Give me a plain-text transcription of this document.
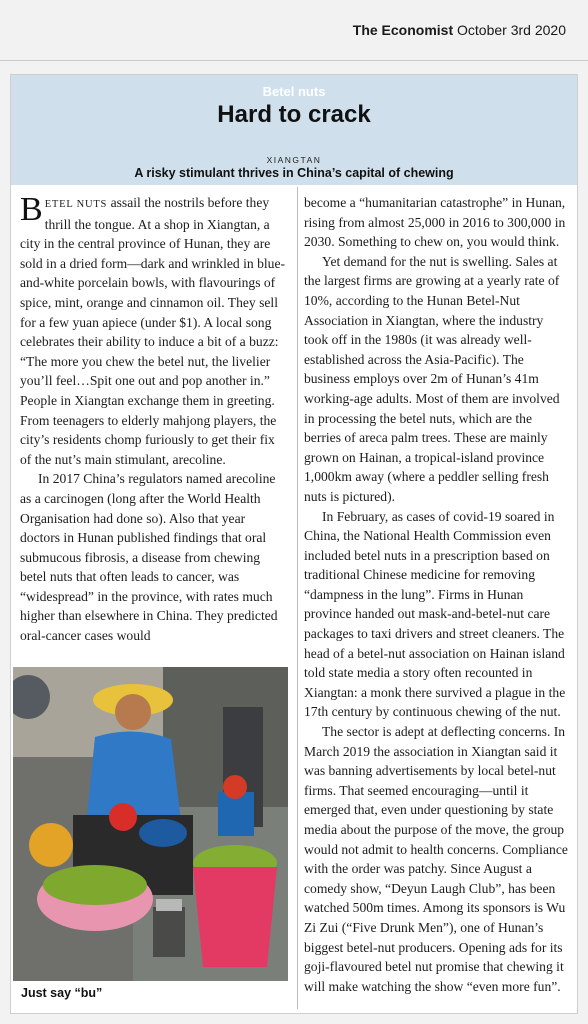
The Economist October 3rd 2020
Betel nuts
Hard to crack
XIANGTAN
A risky stimulant thrives in China’s capital of chewing

BETEL NUTS assail the nostrils before they thrill the tongue. At a shop in Xiangtan, a city in the central province of Hunan, they are sold in a dried form—dark and wrinkled in blue-and-white porcelain bowls, with flavourings of spice, mint, orange and cinnamon oil. They sell for a few yuan apiece (under $1). A local song celebrates their ability to induce a bit of a buzz: “The more you chew the betel nut, the livelier you’ll feel…Spit one out and pop another in.” People in Xiangtan exchange them in greeting. From teenagers to elderly mahjong players, the city’s residents chomp furiously to get their fix of the nut’s main stimulant, arecoline.

In 2017 China’s regulators named arecoline as a carcinogen (long after the World Health Organisation had done so). Also that year doctors in Hunan published findings that oral submucous fibrosis, a disease from chewing betel nuts that often leads to cancer, was “widespread” in the province, with rates much higher than elsewhere in China. They predicted oral-cancer cases would

Just say “bu”

become a “humanitarian catastrophe” in Hunan, rising from almost 25,000 in 2016 to 300,000 in 2030. Something to chew on, you would think.

Yet demand for the nut is swelling. Sales at the largest firms are growing at a yearly rate of 10%, according to the Hunan Betel-Nut Association in Xiangtan, where the industry took off in the 1980s (it was already well-established across the Asia-Pacific). The business employs over 2m of Hunan’s 41m working-age adults. Most of them are involved in processing the betel nuts, which are the berries of areca palm trees. These are mainly grown on Hainan, a tropical-island province 1,000km away (where a peddler selling fresh nuts is pictured).

In February, as cases of covid-19 soared in China, the National Health Commission even included betel nuts in a prescription based on traditional Chinese medicine for removing “dampness in the lung”. Firms in Hunan province handed out mask-and-betel-nut care packages to taxi drivers and street cleaners. The head of a betel-nut association on Hainan island told state media a story often recounted in Xiangtan: a monk there survived a plague in the 17th century by continuous chewing of the nut.

The sector is adept at deflecting concerns. In March 2019 the association in Xiangtan said it was banning advertisements by local betel-nut firms. That seemed encouraging—until it emerged that, even under questioning by state media about the purpose of the move, the group would not admit to health concerns. Compliance with the order was patchy. Since August a comedy show, “Deyun Laugh Club”, has been watched 500m times. Among its sponsors is Wu Zi Zui (“Five Drunk Men”), one of Hunan’s biggest betel-nut producers. Opening ads for its goji-flavoured betel nut promise that chewing it will make watching the show “even more fun”.
